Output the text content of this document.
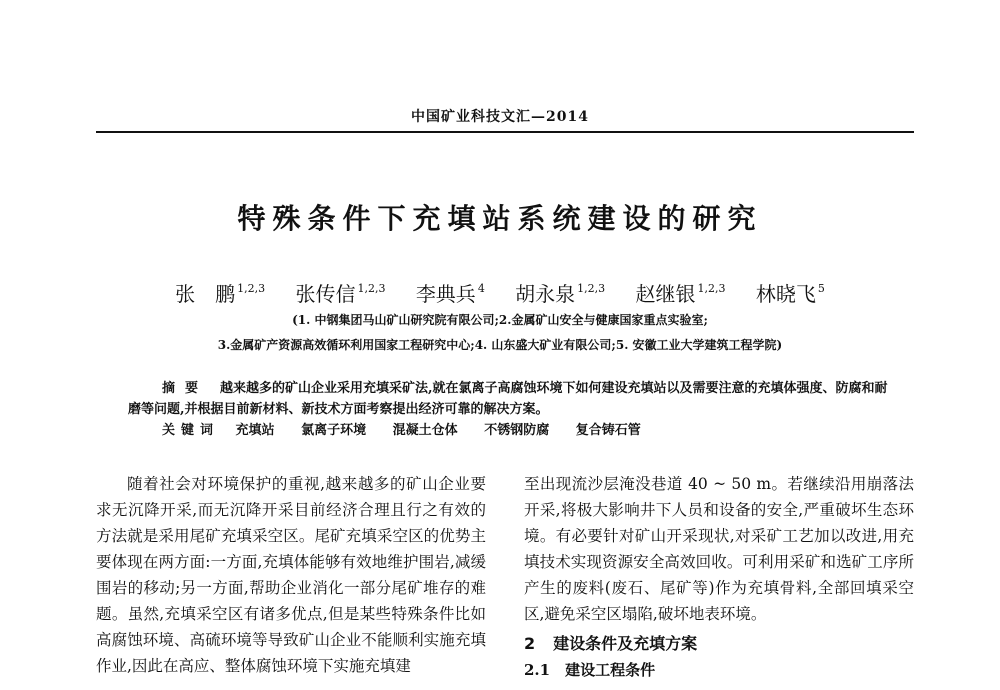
中国矿业科技文汇—2014
特殊条件下充填站系统建设的研究
张　鹏 $^{1,2,3}$ 张传信 $^{1,2,3}$ 李典兵 $^4$ 胡永泉 $^{1,2,3}$ 赵继银 $^{1,2,3}$ 林晓飞 $^5$
(1. 中钢集团马山矿山研究院有限公司;2.金属矿山安全与健康国家重点实验室;
3.金属矿产资源高效循环利用国家工程研究中心;4. 山东盛大矿业有限公司;5. 安徽工业大学建筑工程学院)
摘要 越来越多的矿山企业采用充填采矿法,就在氯离子高腐蚀环境下如何建设充填站以及需要注意的充填体强度、防腐和耐磨等问题,并根据目前新材料、新技术方面考察提出经济可靠的解决方案。
关键词 充填站 氯离子环境 混凝土仓体 不锈钢防腐 复合铸石管

随着社会对环境保护的重视,越来越多的矿山企业要求无沉降开采,而无沉降开采目前经济合理且行之有效的方法就是采用尾矿充填采空区。尾矿充填采空区的优势主要体现在两方面:一方面,充填体能够有效地维护围岩,减缓围岩的移动;另一方面,帮助企业消化一部分尾矿堆存的难题。虽然,充填采空区有诸多优点,但是某些特殊条件比如高腐蚀环境、高硫环境等导致矿山企业不能顺利实施充填作业,因此在高应、整体腐蚀环境下实施充填建

至出现流沙层淹没巷道 40 ~ 50 m。若继续沿用崩落法开采,将极大影响井下人员和设备的安全,严重破坏生态环境。有必要针对矿山开采现状,对采矿工艺加以改进,用充填技术实现资源安全高效回收。可利用采矿和选矿工序所产生的废料(废石、尾矿等)作为充填骨料,全部回填采空区,避免采空区塌陷,破坏地表环境。

2 建设条件及充填方案
2.1　建设工程条件
